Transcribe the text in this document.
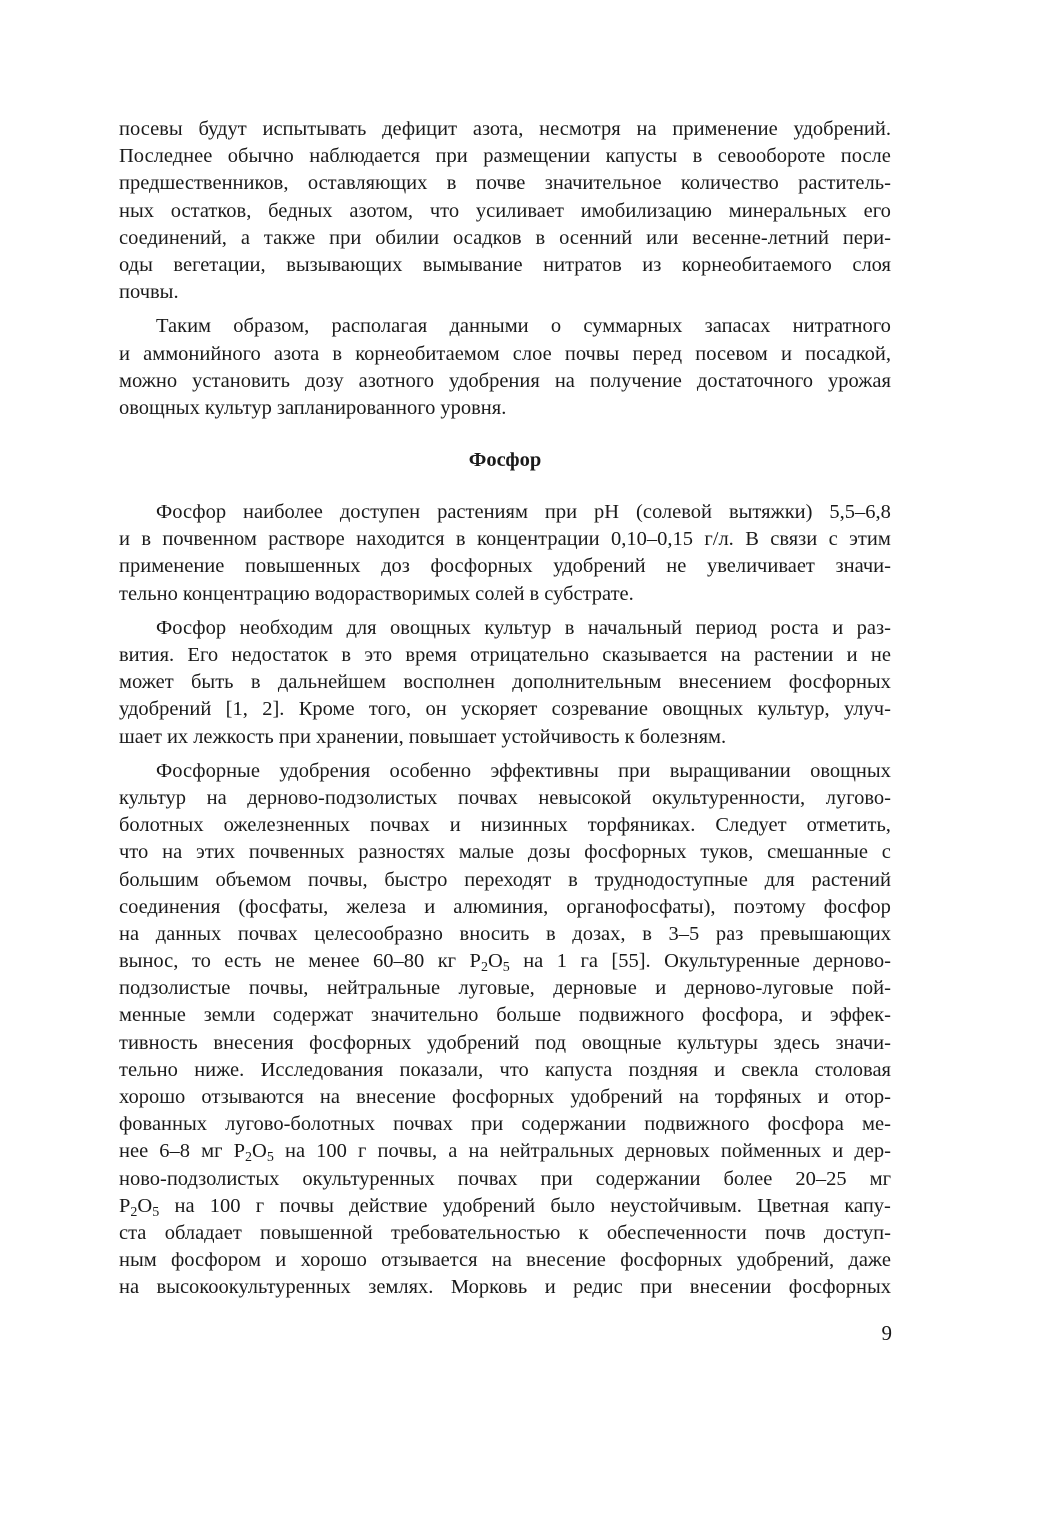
посевы будут испытывать дефицит азота, несмотря на применение удобрений.
Последнее обычно наблюдается при размещении капусты в севообороте после
предшественников, оставляющих в почве значительное количество раститель-
ных остатков, бедных азотом, что усиливает имобилизацию минеральных его
соединений, а также при обилии осадков в осенний или весенне-летний пери-
оды вегетации, вызывающих вымывание нитратов из корнеобитаемого слоя
почвы.
Таким образом, располагая данными о суммарных запасах нитратного
и аммонийного азота в корнеобитаемом слое почвы перед посевом и посадкой,
можно установить дозу азотного удобрения на получение достаточного урожая
овощных культур запланированного уровня.
Фосфор
Фосфор наиболее доступен растениям при pH (солевой вытяжки) 5,5–6,8
и в почвенном растворе находится в концентрации 0,10–0,15 г/л. В связи с этим
применение повышенных доз фосфорных удобрений не увеличивает значи-
тельно концентрацию водорастворимых солей в субстрате.
Фосфор необходим для овощных культур в начальный период роста и раз-
вития. Его недостаток в это время отрицательно сказывается на растении и не
может быть в дальнейшем восполнен дополнительным внесением фосфорных
удобрений [1, 2]. Кроме того, он ускоряет созревание овощных культур, улуч-
шает их лежкость при хранении, повышает устойчивость к болезням.
Фосфорные удобрения особенно эффективны при выращивании овощных
культур на дерново-подзолистых почвах невысокой окультуренности, лугово-
болотных ожелезненных почвах и низинных торфяниках. Следует отметить,
что на этих почвенных разностях малые дозы фосфорных туков, смешанные с
большим объемом почвы, быстро переходят в труднодоступные для растений
соединения (фосфаты, железа и алюминия, органофосфаты), поэтому фосфор
на данных почвах целесообразно вносить в дозах, в 3–5 раз превышающих
вынос, то есть не менее 60–80 кг $P_2O_5$ на 1 га [55]. Окультуренные дерново-
подзолистые почвы, нейтральные луговые, дерновые и дерново-луговые пой-
менные земли содержат значительно больше подвижного фосфора, и эффек-
тивность внесения фосфорных удобрений под овощные культуры здесь значи-
тельно ниже. Исследования показали, что капуста поздняя и свекла столовая
хорошо отзываются на внесение фосфорных удобрений на торфяных и отор-
фованных лугово-болотных почвах при содержании подвижного фосфора ме-
нее 6–8 мг $P_2O_5$ на 100 г почвы, а на нейтральных дерновых пойменных и дер-
ново-подзолистых окультуренных почвах при содержании более 20–25 мг
$P_2O_5$ на 100 г почвы действие удобрений было неустойчивым. Цветная капу-
ста обладает повышенной требовательностью к обеспеченности почв доступ-
ным фосфором и хорошо отзывается на внесение фосфорных удобрений, даже
на высокоокультуренных землях. Морковь и редис при внесении фосфорных
9
